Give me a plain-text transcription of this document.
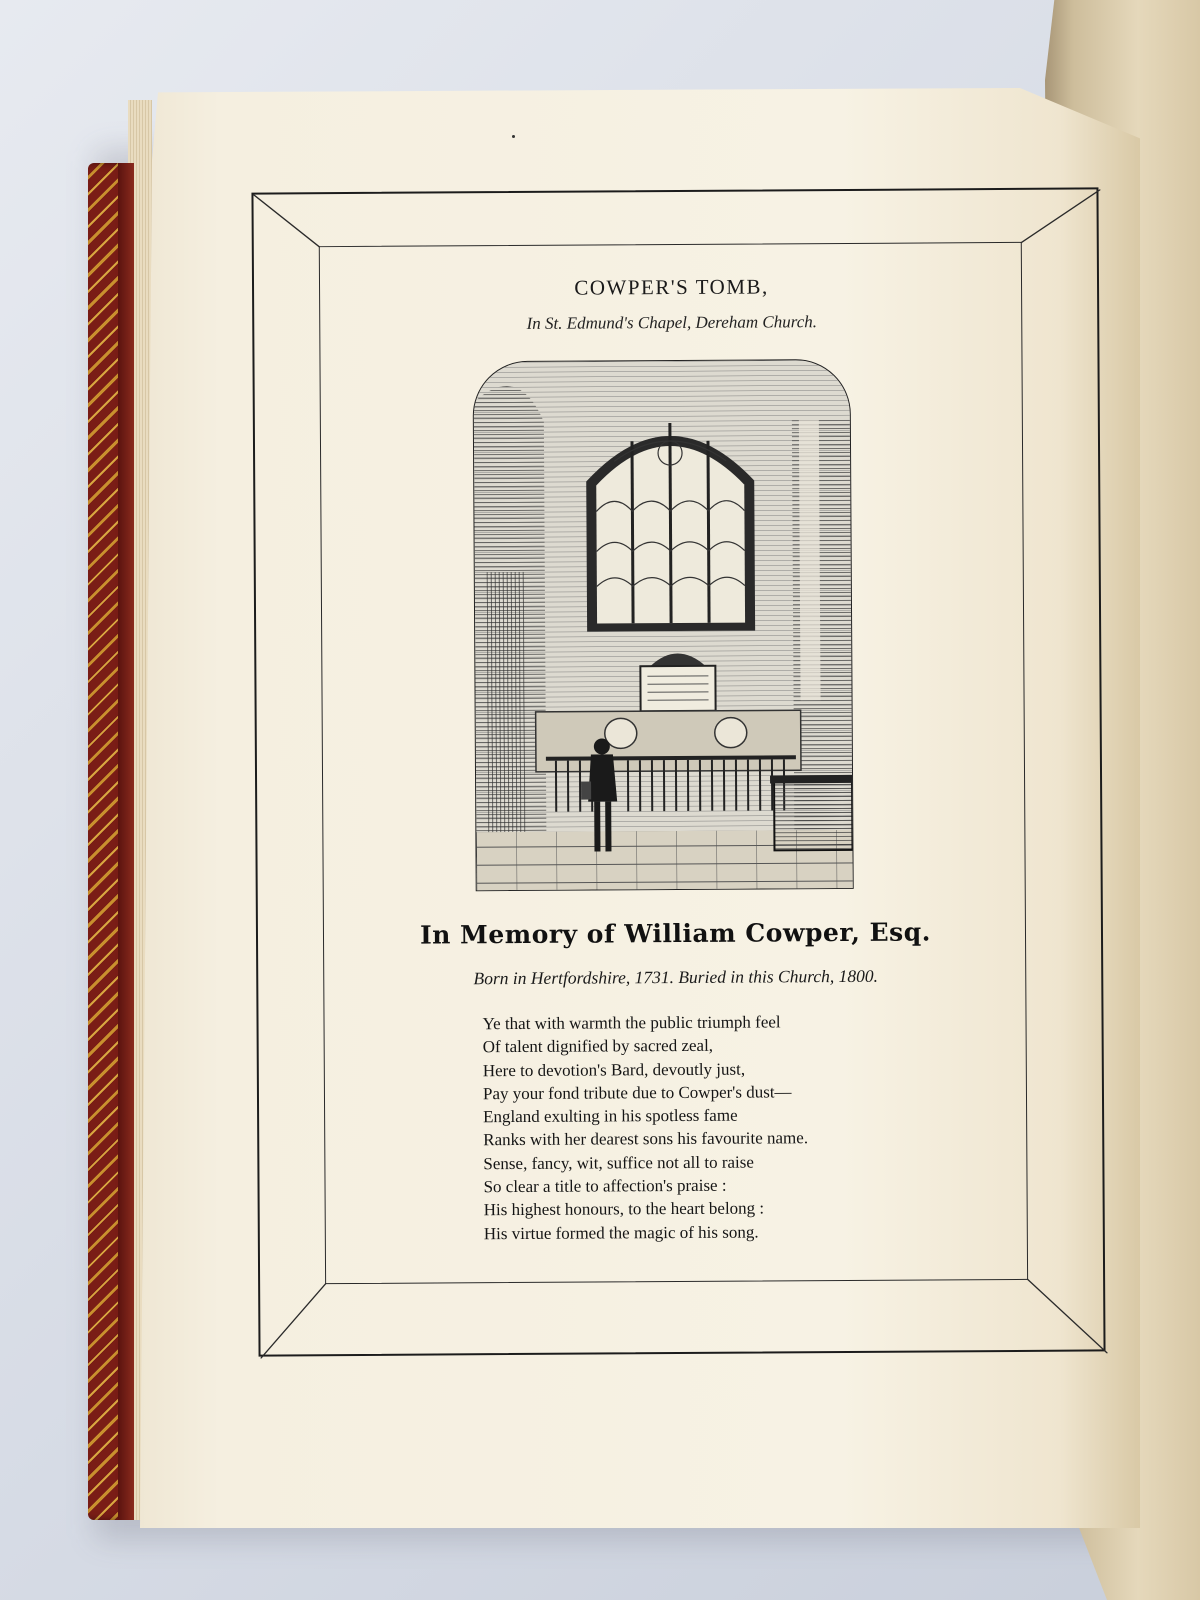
COWPER'S TOMB,
In St. Edmund's Chapel, Dereham Church.
In Memory of William Cowper, Esq.
Born in Hertfordshire, 1731. Buried in this Church, 1800.
Ye that with warmth the public triumph feel
Of talent dignified by sacred zeal,
Here to devotion's Bard, devoutly just,
Pay your fond tribute due to Cowper's dust—
England exulting in his spotless fame
Ranks with her dearest sons his favourite name.
Sense, fancy, wit, suffice not all to raise
So clear a title to affection's praise :
His highest honours, to the heart belong :
His virtue formed the magic of his song.
